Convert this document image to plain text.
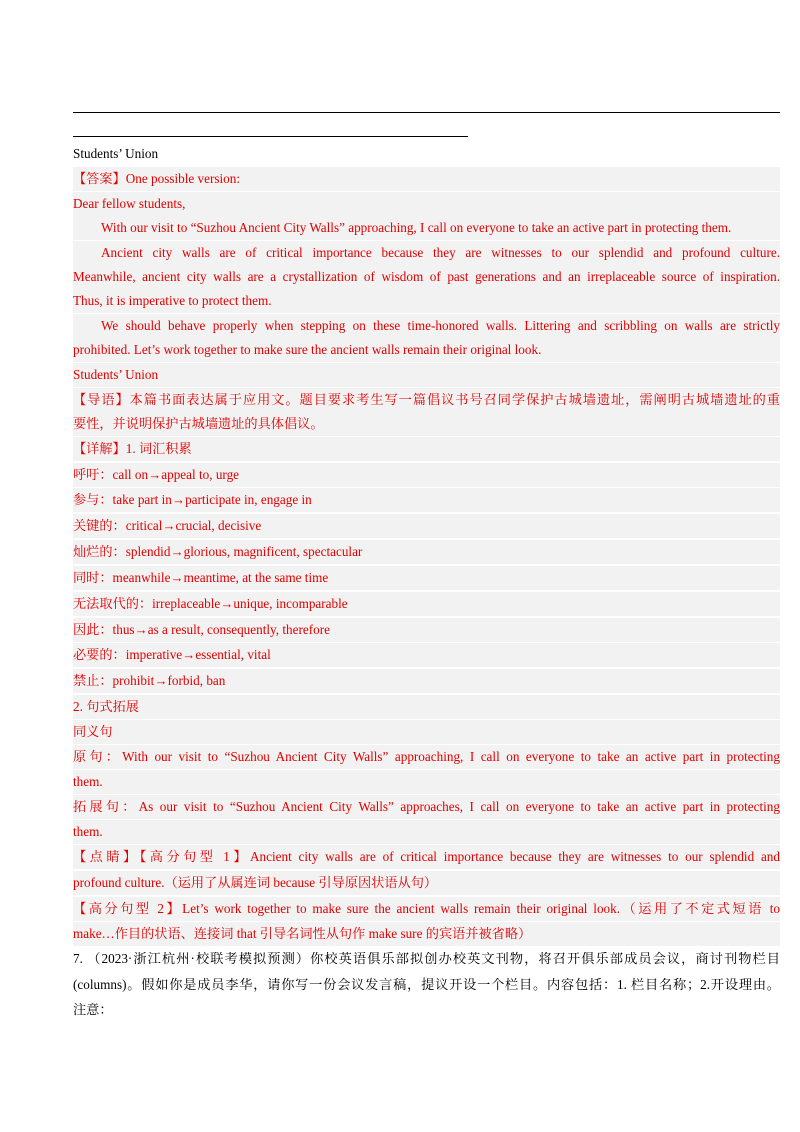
Students’ Union
【答案】One possible version:
Dear fellow students,
With our visit to “Suzhou Ancient City Walls” approaching, I call on everyone to take an active part in protecting them.
Ancient city walls are of critical importance because they are witnesses to our splendid and profound culture.
Meanwhile, ancient city walls are a crystallization of wisdom of past generations and an irreplaceable source of inspiration.
Thus, it is imperative to protect them.
We should behave properly when stepping on these time-honored walls. Littering and scribbling on walls are strictly
prohibited. Let’s work together to make sure the ancient walls remain their original look.
Students’ Union
【导语】本篇书面表达属于应用文。题目要求考生写一篇倡议书号召同学保护古城墙遗址，需阐明古城墙遗址的重
要性，并说明保护古城墙遗址的具体倡议。
【详解】1. 词汇积累
呼吁：call on→appeal to, urge
参与：take part in→participate in, engage in
关键的：critical→crucial, decisive
灿烂的：splendid→glorious, magnificent, spectacular
同时：meanwhile→meantime, at the same time
无法取代的：irreplaceable→unique, incomparable
因此：thus→as a result, consequently, therefore
必要的：imperative→essential, vital
禁止：prohibit→forbid, ban
2. 句式拓展
同义句
原句：With our visit to “Suzhou Ancient City Walls” approaching, I call on everyone to take an active part in protecting
them.
拓展句：As our visit to “Suzhou Ancient City Walls” approaches, I call on everyone to take an active part in protecting
them.
【点睛】【高分句型 1】Ancient city walls are of critical importance because they are witnesses to our splendid and
profound culture.（运用了从属连词 because 引导原因状语从句）
【高分句型 2】Let’s work together to make sure the ancient walls remain their original look.（运用了不定式短语 to
make…作目的状语、连接词 that 引导名词性从句作 make sure 的宾语并被省略）
7. （2023·浙江杭州·校联考模拟预测）你校英语俱乐部拟创办校英文刊物，将召开俱乐部成员会议，商讨刊物栏目
(columns)。假如你是成员李华，请你写一份会议发言稿，提议开设一个栏目。内容包括：1. 栏目名称；2.开设理由。
注意：
